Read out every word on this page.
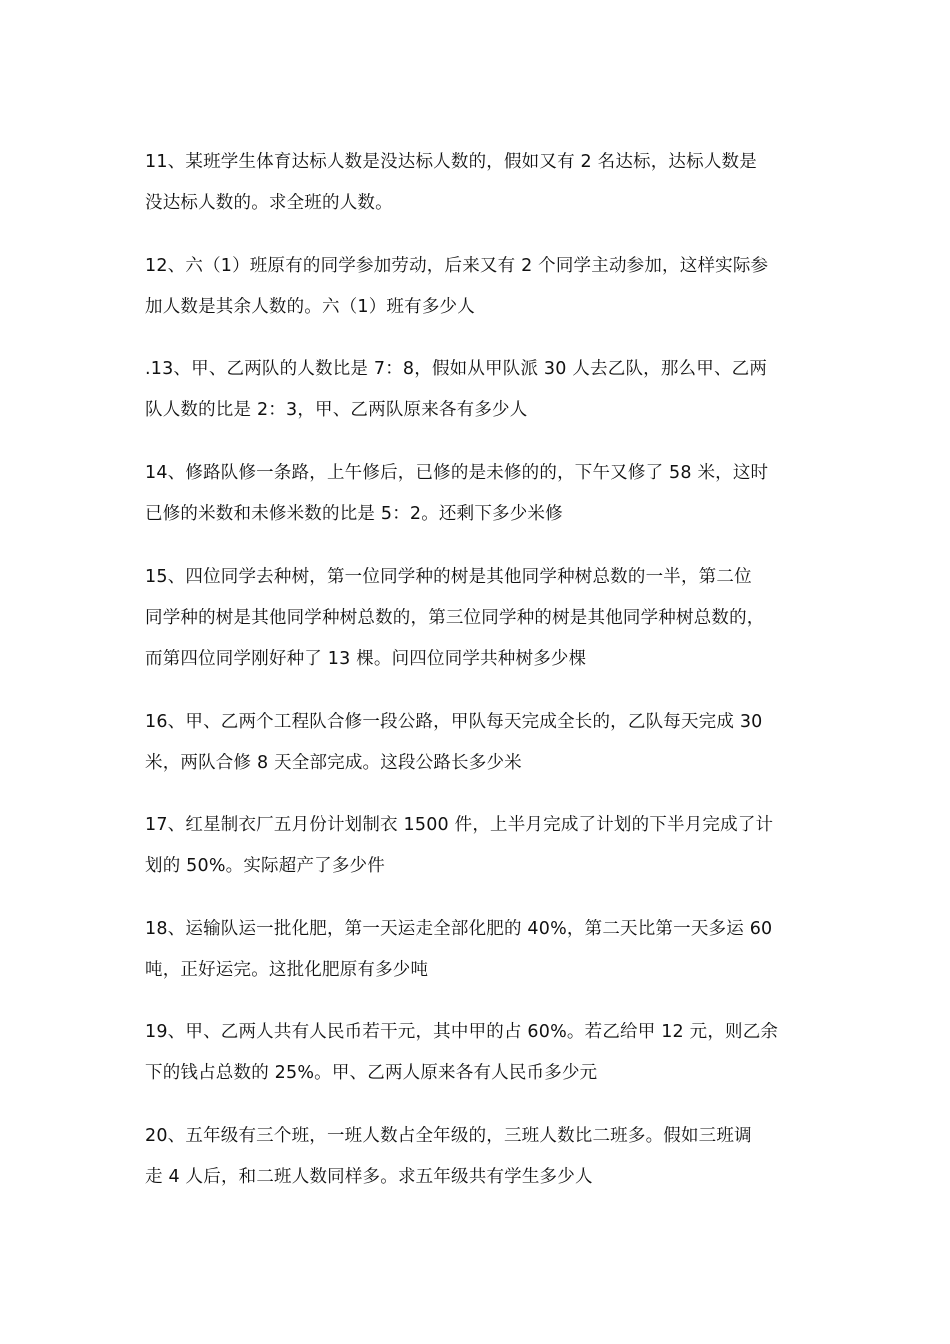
11、某班学生体育达标人数是没达标人数的，假如又有 2 名达标，达标人数是
没达标人数的。求全班的人数。
12、六（1）班原有的同学参加劳动，后来又有 2 个同学主动参加，这样实际参
加人数是其余人数的。六（1）班有多少人
.13、甲、乙两队的人数比是 7：8，假如从甲队派 30 人去乙队，那么甲、乙两
队人数的比是 2：3，甲、乙两队原来各有多少人
14、修路队修一条路，上午修后，已修的是未修的的，下午又修了 58 米，这时
已修的米数和未修米数的比是 5：2。还剩下多少米修
15、四位同学去种树，第一位同学种的树是其他同学种树总数的一半，第二位
同学种的树是其他同学种树总数的，第三位同学种的树是其他同学种树总数的，
而第四位同学刚好种了 13 棵。问四位同学共种树多少棵
16、甲、乙两个工程队合修一段公路，甲队每天完成全长的，乙队每天完成 30
米，两队合修 8 天全部完成。这段公路长多少米
17、红星制衣厂五月份计划制衣 1500 件，上半月完成了计划的下半月完成了计
划的 50%。实际超产了多少件
18、运输队运一批化肥，第一天运走全部化肥的 40%，第二天比第一天多运 60
吨，正好运完。这批化肥原有多少吨
19、甲、乙两人共有人民币若干元，其中甲的占 60%。若乙给甲 12 元，则乙余
下的钱占总数的 25%。甲、乙两人原来各有人民币多少元
20、五年级有三个班，一班人数占全年级的，三班人数比二班多。假如三班调
走 4 人后，和二班人数同样多。求五年级共有学生多少人
